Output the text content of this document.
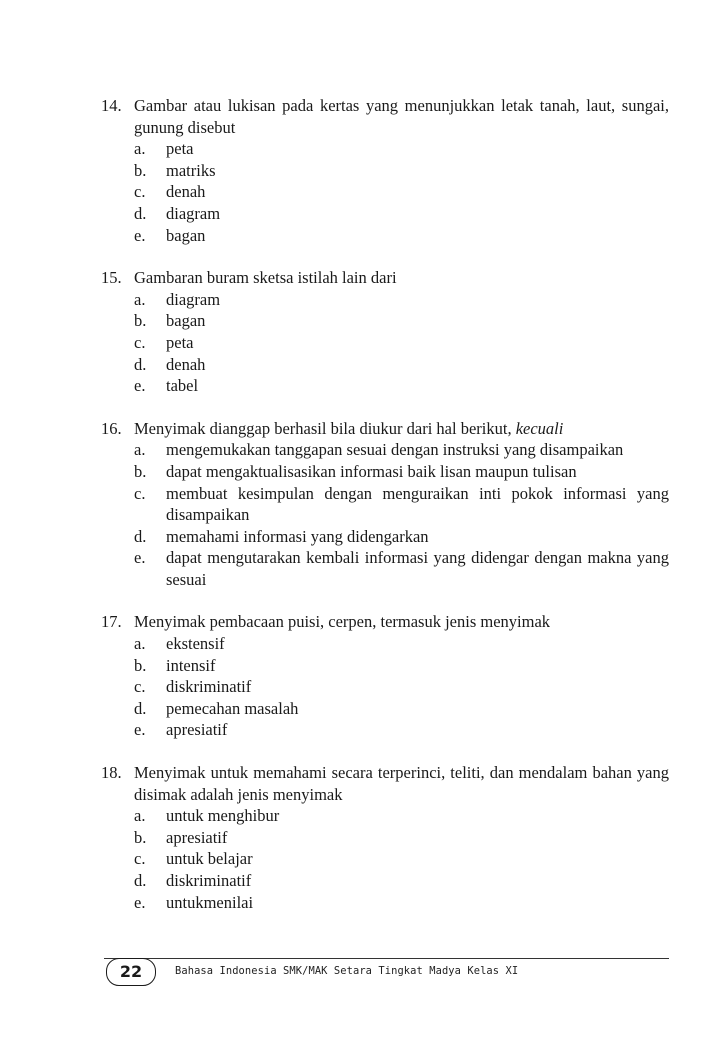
14. Gambar atau lukisan pada kertas yang menunjukkan letak tanah, laut, sungai, gunung disebut
a.	peta
b.	matriks
c.	denah
d.	diagram
e.	bagan
15. Gambaran buram sketsa istilah lain dari
a.	diagram
b.	bagan
c.	peta
d.	denah
e.	tabel
16. Menyimak dianggap berhasil bila diukur dari hal berikut, kecuali
a.	mengemukakan tanggapan sesuai dengan instruksi yang disampaikan
b.	dapat mengaktualisasikan informasi baik lisan maupun tulisan
c.	membuat kesimpulan dengan menguraikan inti pokok informasi yang disampaikan
d.	memahami informasi yang didengarkan
e.	dapat mengutarakan kembali informasi yang didengar dengan makna yang sesuai
17. Menyimak pembacaan puisi, cerpen, termasuk jenis menyimak
a.	ekstensif
b.	intensif
c.	diskriminatif
d.	pemecahan masalah
e.	apresiatif
18. Menyimak untuk memahami secara terperinci, teliti, dan mendalam bahan yang disimak adalah jenis menyimak
a.	untuk menghibur
b.	apresiatif
c.	untuk belajar
d.	diskriminatif
e.	untukmenilai
22	Bahasa Indonesia SMK/MAK Setara Tingkat Madya Kelas XI
